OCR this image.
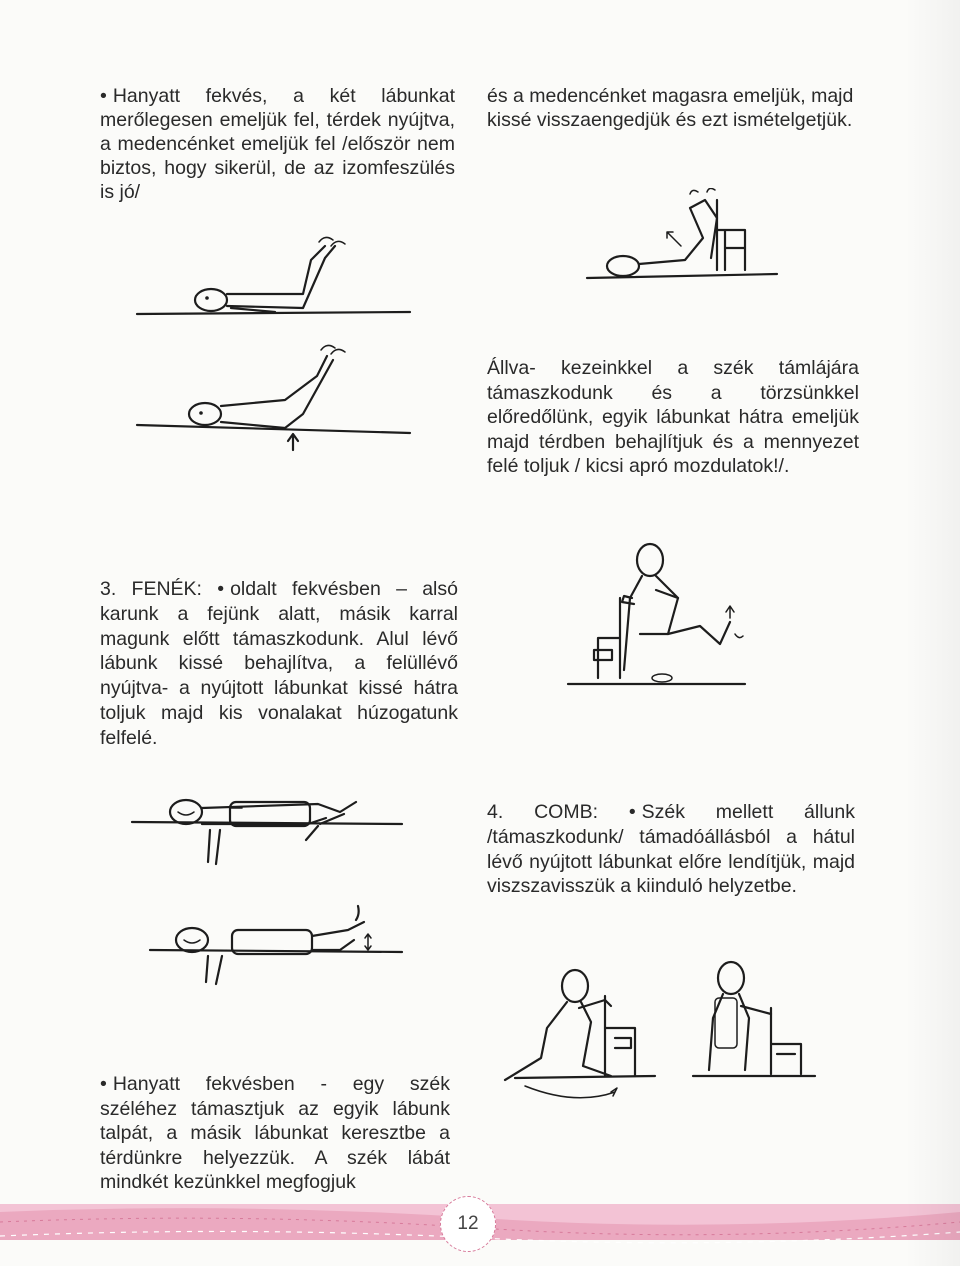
• Hanyatt fekvés, a két lábunkat merőlegesen emeljük fel, térdek nyújtva, a medencénket emeljük fel /először nem biztos, hogy sikerül, de az izomfeszülés is jó/

és a medencénket magasra emeljük, majd kissé visszaengedjük és ezt ismételgetjük.

Állva- kezeinkkel a szék támlájára támaszkodunk és a törzsünkkel előredőlünk, egyik lábunkat hátra emeljük majd térdben behajlítjuk és a mennyezet felé toljuk / kicsi apró mozdulatok!/.

3. FENÉK: • oldalt fekvésben – alsó karunk a fejünk alatt, másik karral magunk előtt támaszkodunk. Alul lévő lábunk kissé behajlítva, a felüllévő nyújtva- a nyújtott lábunkat kissé hátra toljuk majd kis vonalakat húzogatunk felfelé.

4. COMB: • Szék mellett állunk /támaszkodunk/ támadóállásból a hátul lévő nyújtott lábunkat előre lendítjük, majd viszszavisszük a kiinduló helyzetbe.

• Hanyatt fekvésben - egy szék széléhez támasztjuk az egyik lábunk talpát, a másik lábunkat keresztbe a térdünkre helyezzük. A szék lábát mindkét kezünkkel megfogjuk

12
